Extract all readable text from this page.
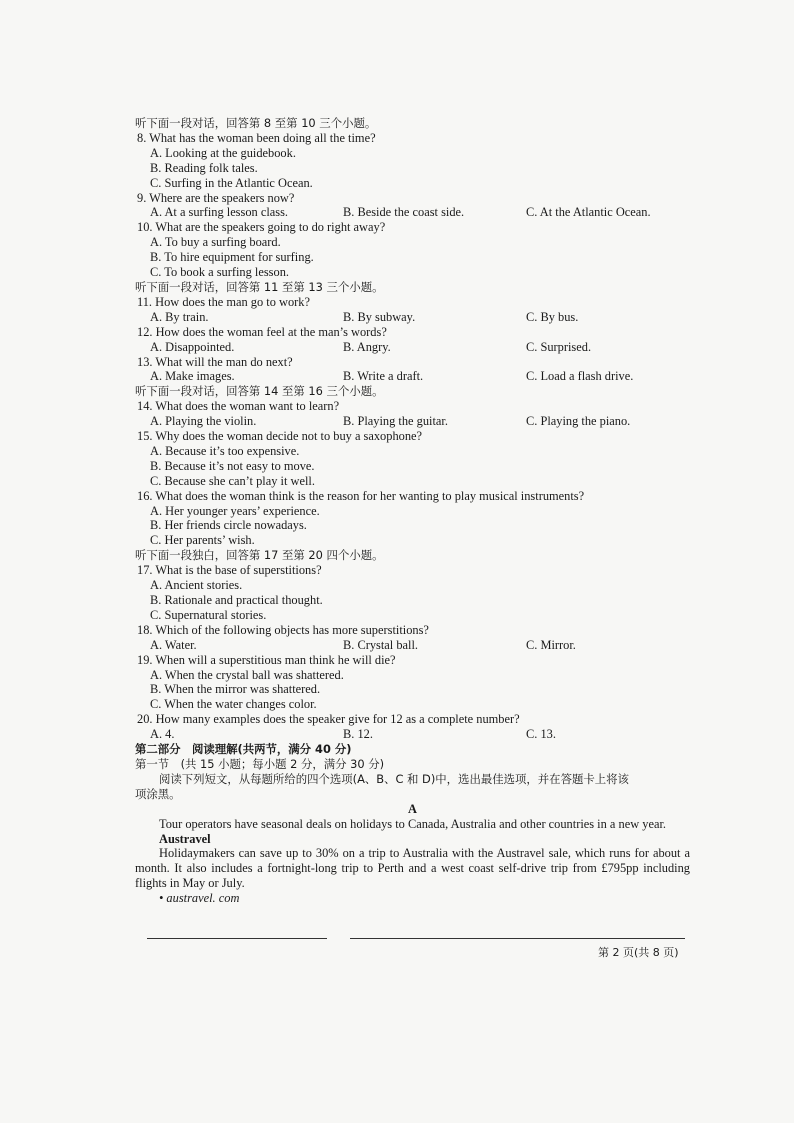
听下面一段对话，回答第 8 至第 10 三个小题。
8. What has the woman been doing all the time?
A. Looking at the guidebook.
B. Reading folk tales.
C. Surfing in the Atlantic Ocean.
9. Where are the speakers now?
A. At a surfing lesson class.	B. Beside the coast side.	C. At the Atlantic Ocean.
10. What are the speakers going to do right away?
A. To buy a surfing board.
B. To hire equipment for surfing.
C. To book a surfing lesson.
听下面一段对话，回答第 11 至第 13 三个小题。
11. How does the man go to work?
A. By train.	B. By subway.	C. By bus.
12. How does the woman feel at the man’s words?
A. Disappointed.	B. Angry.	C. Surprised.
13. What will the man do next?
A. Make images.	B. Write a draft.	C. Load a flash drive.
听下面一段对话，回答第 14 至第 16 三个小题。
14. What does the woman want to learn?
A. Playing the violin.	B. Playing the guitar.	C. Playing the piano.
15. Why does the woman decide not to buy a saxophone?
A. Because it’s too expensive.
B. Because it’s not easy to move.
C. Because she can’t play it well.
16. What does the woman think is the reason for her wanting to play musical instruments?
A. Her younger years’ experience.
B. Her friends circle nowadays.
C. Her parents’ wish.
听下面一段独白，回答第 17 至第 20 四个小题。
17. What is the base of superstitions?
A. Ancient stories.
B. Rationale and practical thought.
C. Supernatural stories.
18. Which of the following objects has more superstitions?
A. Water.	B. Crystal ball.	C. Mirror.
19. When will a superstitious man think he will die?
A. When the crystal ball was shattered.
B. When the mirror was shattered.
C. When the water changes color.
20. How many examples does the speaker give for 12 as a complete number?
A. 4.	B. 12.	C. 13.
第二部分　阅读理解(共两节，满分 40 分)
第一节　(共 15 小题；每小题 2 分，满分 30 分)
阅读下列短文，从每题所给的四个选项(A、B、C 和 D)中，选出最佳选项，并在答题卡上将该
项涂黑。
A
Tour operators have seasonal deals on holidays to Canada, Australia and other countries in a new year.
Austravel
Holidaymakers can save up to 30% on a trip to Australia with the Austravel sale, which runs for about a month. It also includes a fortnight-long trip to Perth and a west coast self-drive trip from £795pp including flights in May or July.
• austravel. com
第 2 页(共 8 页)
